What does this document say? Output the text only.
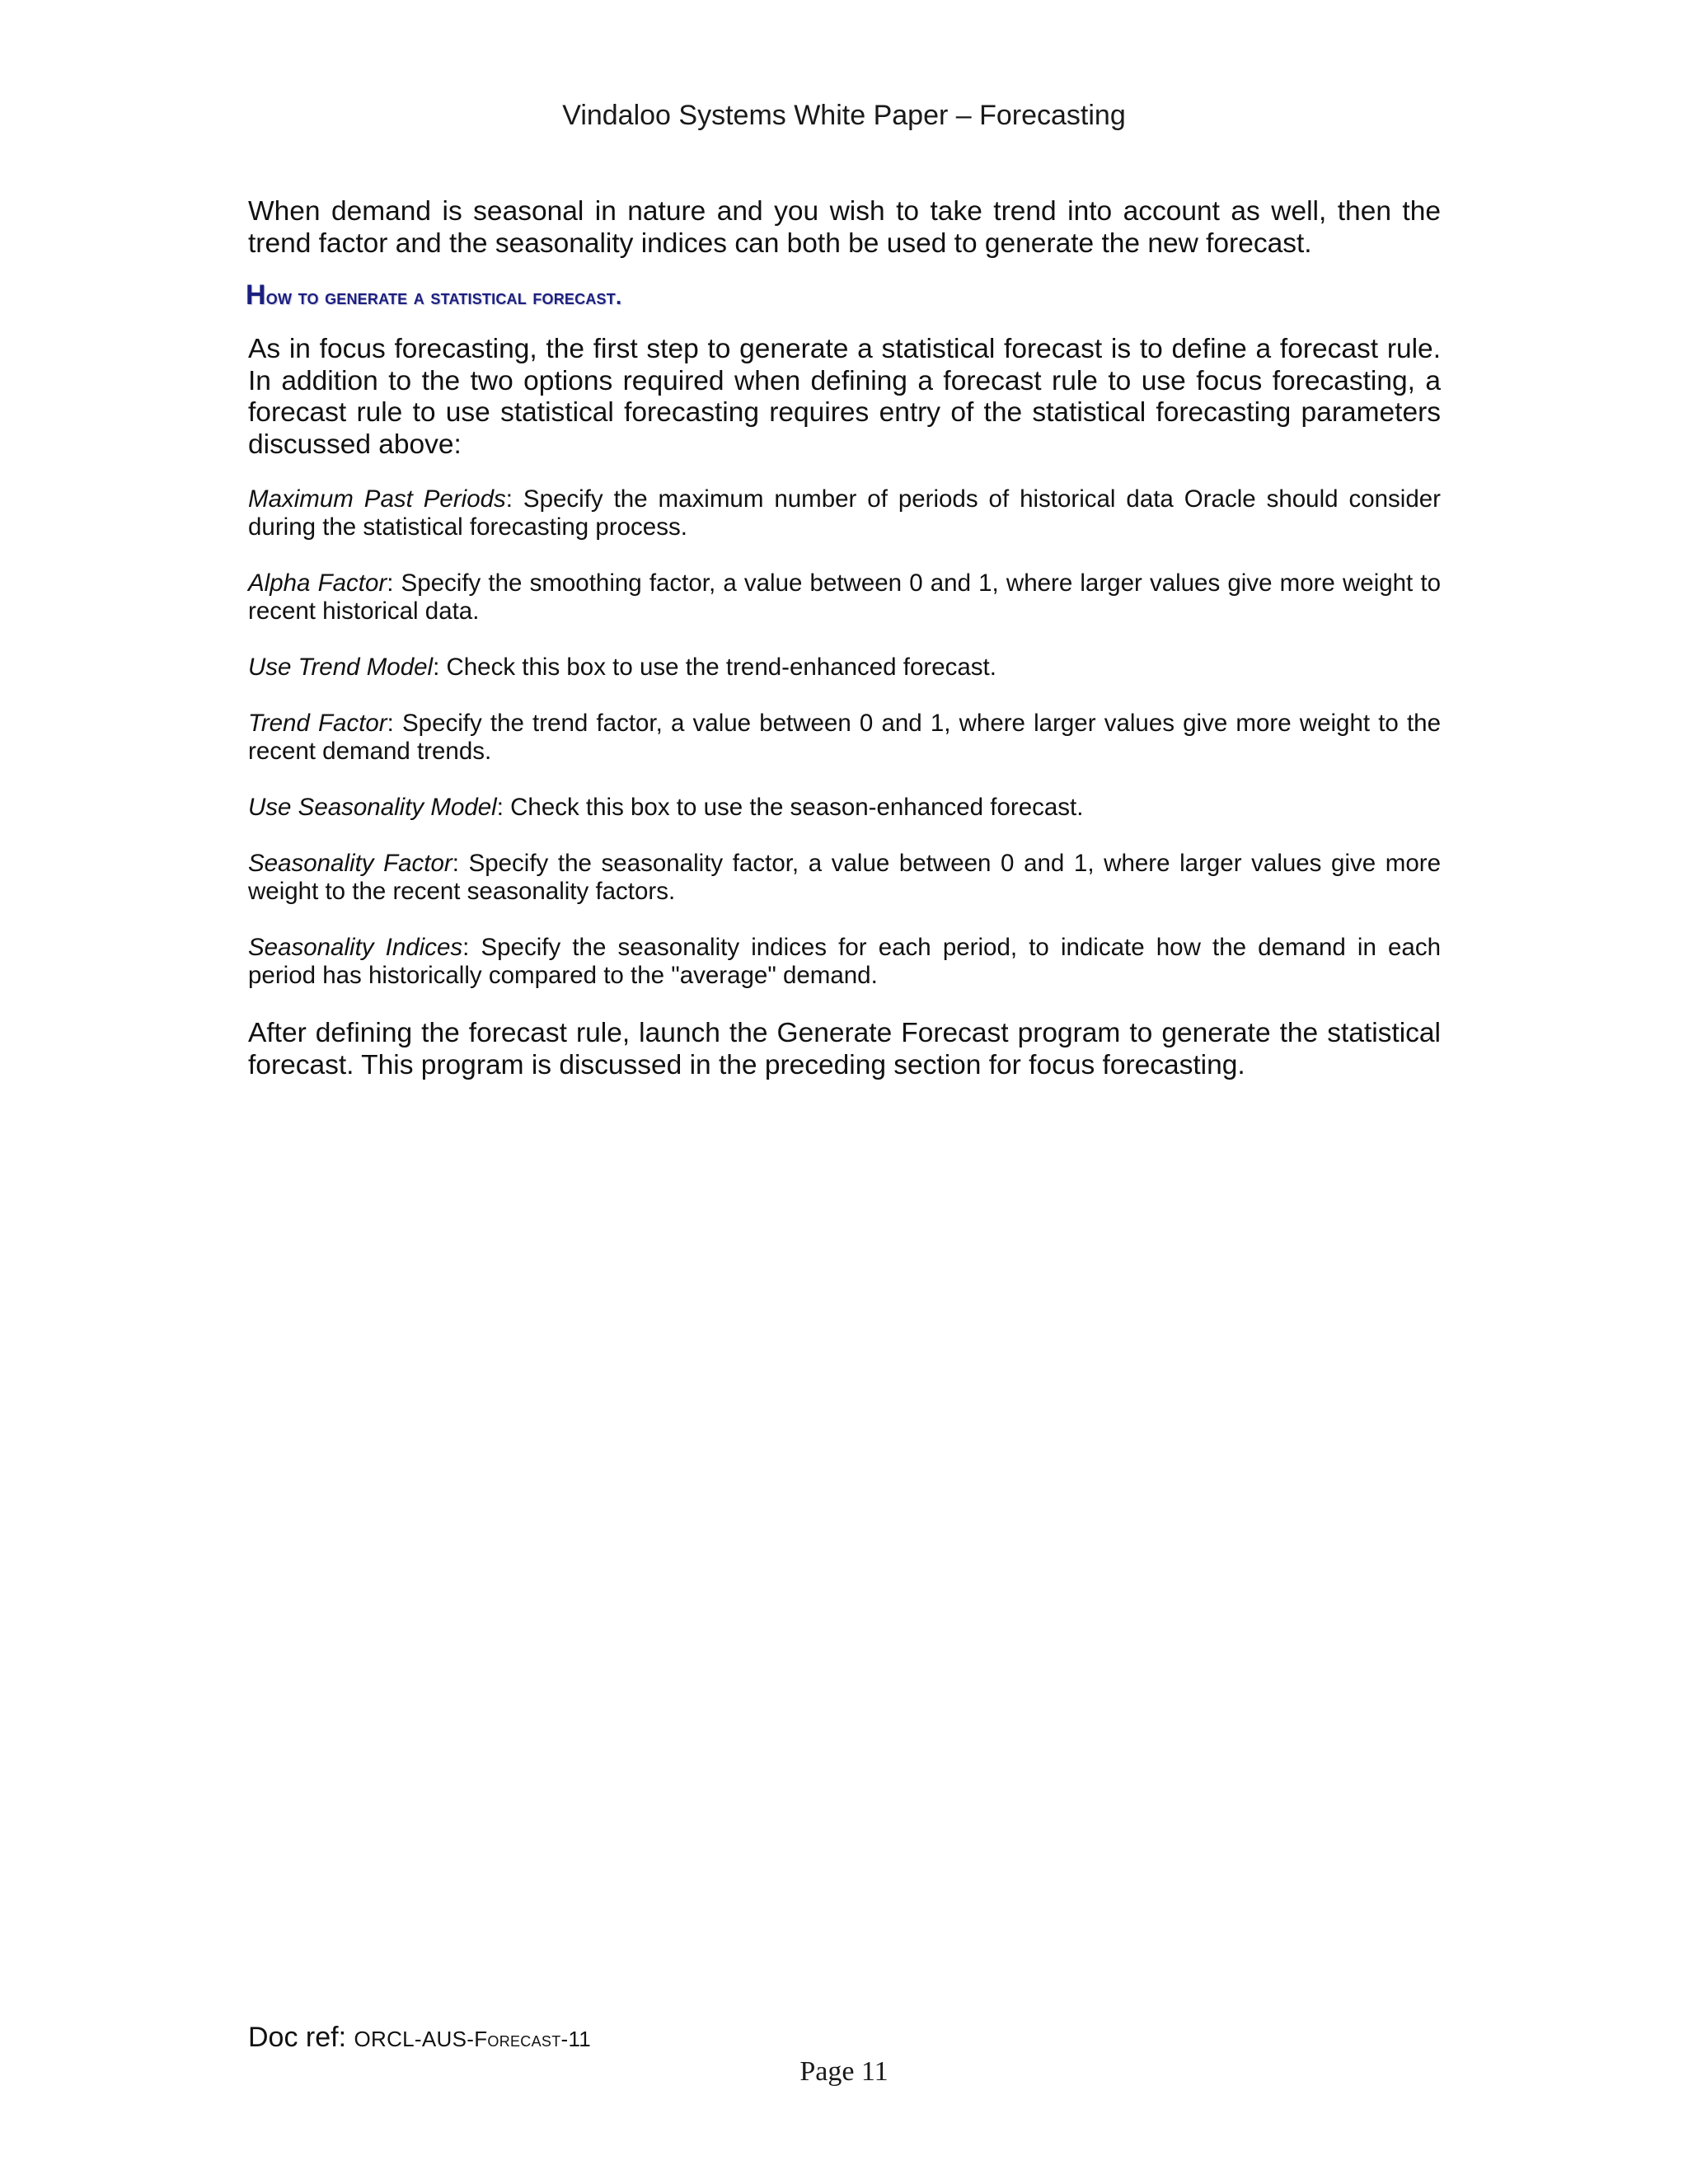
Vindaloo Systems White Paper – Forecasting

When demand is seasonal in nature and you wish to take trend into account as well, then the trend factor and the seasonality indices can both be used to generate the new forecast.

How to generate a statistical forecast.

As in focus forecasting, the first step to generate a statistical forecast is to define a forecast rule. In addition to the two options required when defining a forecast rule to use focus forecasting, a forecast rule to use statistical forecasting requires entry of the statistical forecasting parameters discussed above:

Maximum Past Periods: Specify the maximum number of periods of historical data Oracle should consider during the statistical forecasting process.

Alpha Factor: Specify the smoothing factor, a value between 0 and 1, where larger values give more weight to recent historical data.

Use Trend Model: Check this box to use the trend-enhanced forecast.

Trend Factor: Specify the trend factor, a value between 0 and 1, where larger values give more weight to the recent demand trends.

Use Seasonality Model: Check this box to use the season-enhanced forecast.

Seasonality Factor: Specify the seasonality factor, a value between 0 and 1, where larger values give more weight to the recent seasonality factors.

Seasonality Indices: Specify the seasonality indices for each period, to indicate how the demand in each period has historically compared to the "average" demand.

After defining the forecast rule, launch the Generate Forecast program to generate the statistical forecast. This program is discussed in the preceding section for focus forecasting.

Doc ref: ORCL-AUS-Forecast-11
Page 11
